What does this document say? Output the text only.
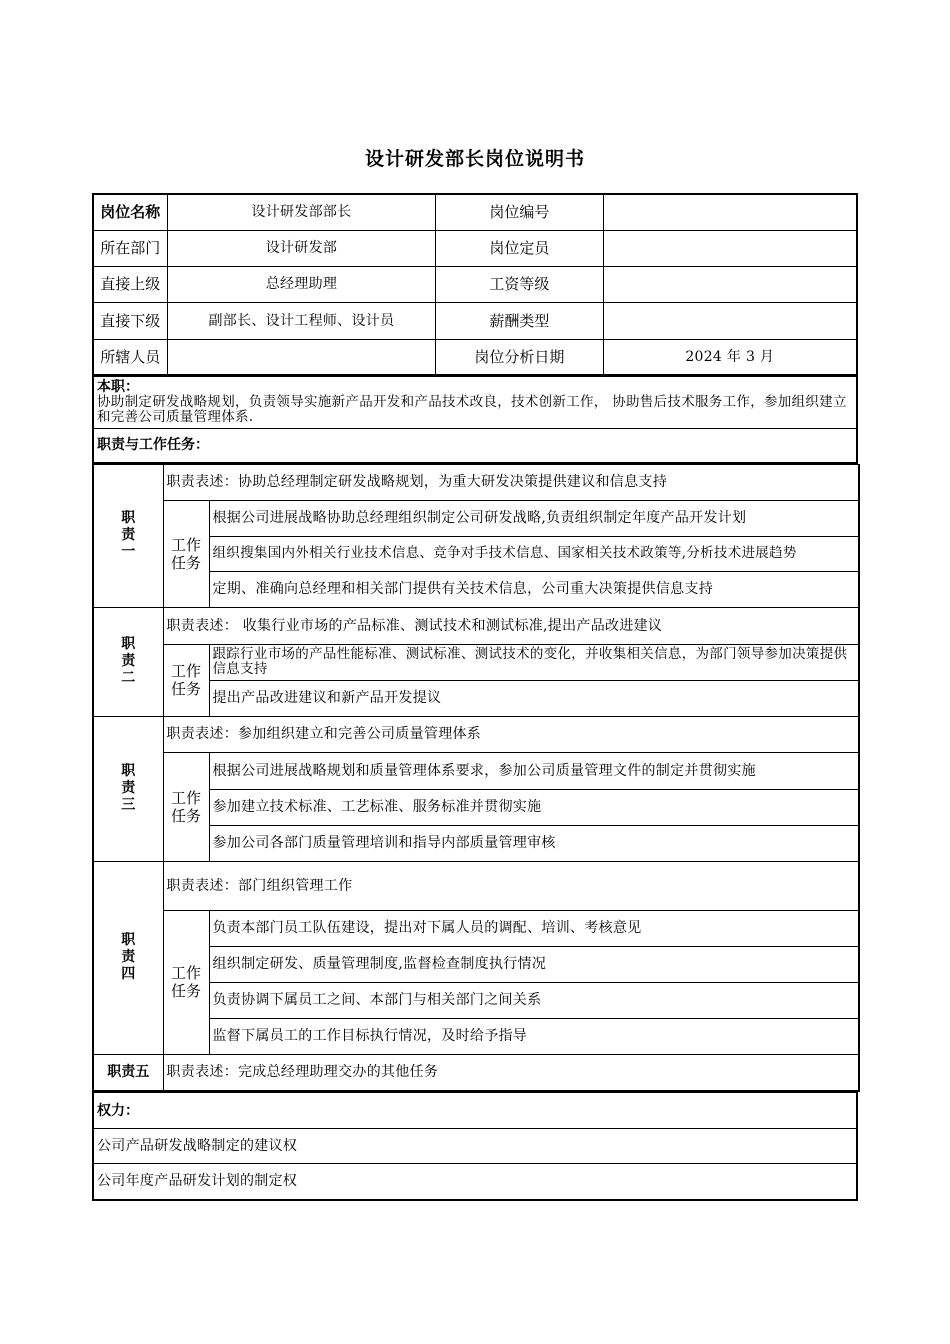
设计研发部长岗位说明书
岗位名称	设计研发部部长	岗位编号	
所在部门	设计研发部	岗位定员	
直接上级	总经理助理	工资等级	
直接下级	副部长、设计工程师、设计员	薪酬类型	
所辖人员		岗位分析日期	2024 年 3 月
本职：
协助制定研发战略规划，负责领导实施新产品开发和产品技术改良，技术创新工作， 协助售后技术服务工作，参加组织建立和完善公司质量管理体系.

职责与工作任务：
职
责
一	职责表述：协助总经理制定研发战略规划，为重大研发决策提供建议和信息支持	

	工作
任务	根据公司进展战略协助总经理组织制定公司研发战略,负责组织制定年度产品开发计划
		组织搜集国内外相关行业技术信息、竞争对手技术信息、国家相关技术政策等,分析技术进展趋势
		定期、准确向总经理和相关部门提供有关技术信息，公司重大决策提供信息支持

职
责
二	职责表述： 收集行业市场的产品标准、测试技术和测试标准,提出产品改进建议	

	工作
任务	跟踪行业市场的产品性能标准、测试标准、测试技术的变化，并收集相关信息，为部门领导参加决策提供信息支持
		提出产品改进建议和新产品开发提议

职
责
三	职责表述：参加组织建立和完善公司质量管理体系	

	工作
任务	根据公司进展战略规划和质量管理体系要求，参加公司质量管理文件的制定并贯彻实施
		参加建立技术标准、工艺标准、服务标准并贯彻实施
		参加公司各部门质量管理培训和指导内部质量管理审核

职
责
四	职责表述：部门组织管理工作	

	工作
任务	负责本部门员工队伍建设，提出对下属人员的调配、培训、考核意见
		组织制定研发、质量管理制度,监督检查制度执行情况
		负责协调下属员工之间、本部门与相关部门之间关系
		监督下属员工的工作目标执行情况，及时给予指导
职责五	职责表述：完成总经理助理交办的其他任务	
权力：
公司产品研发战略制定的建议权
公司年度产品研发计划的制定权
